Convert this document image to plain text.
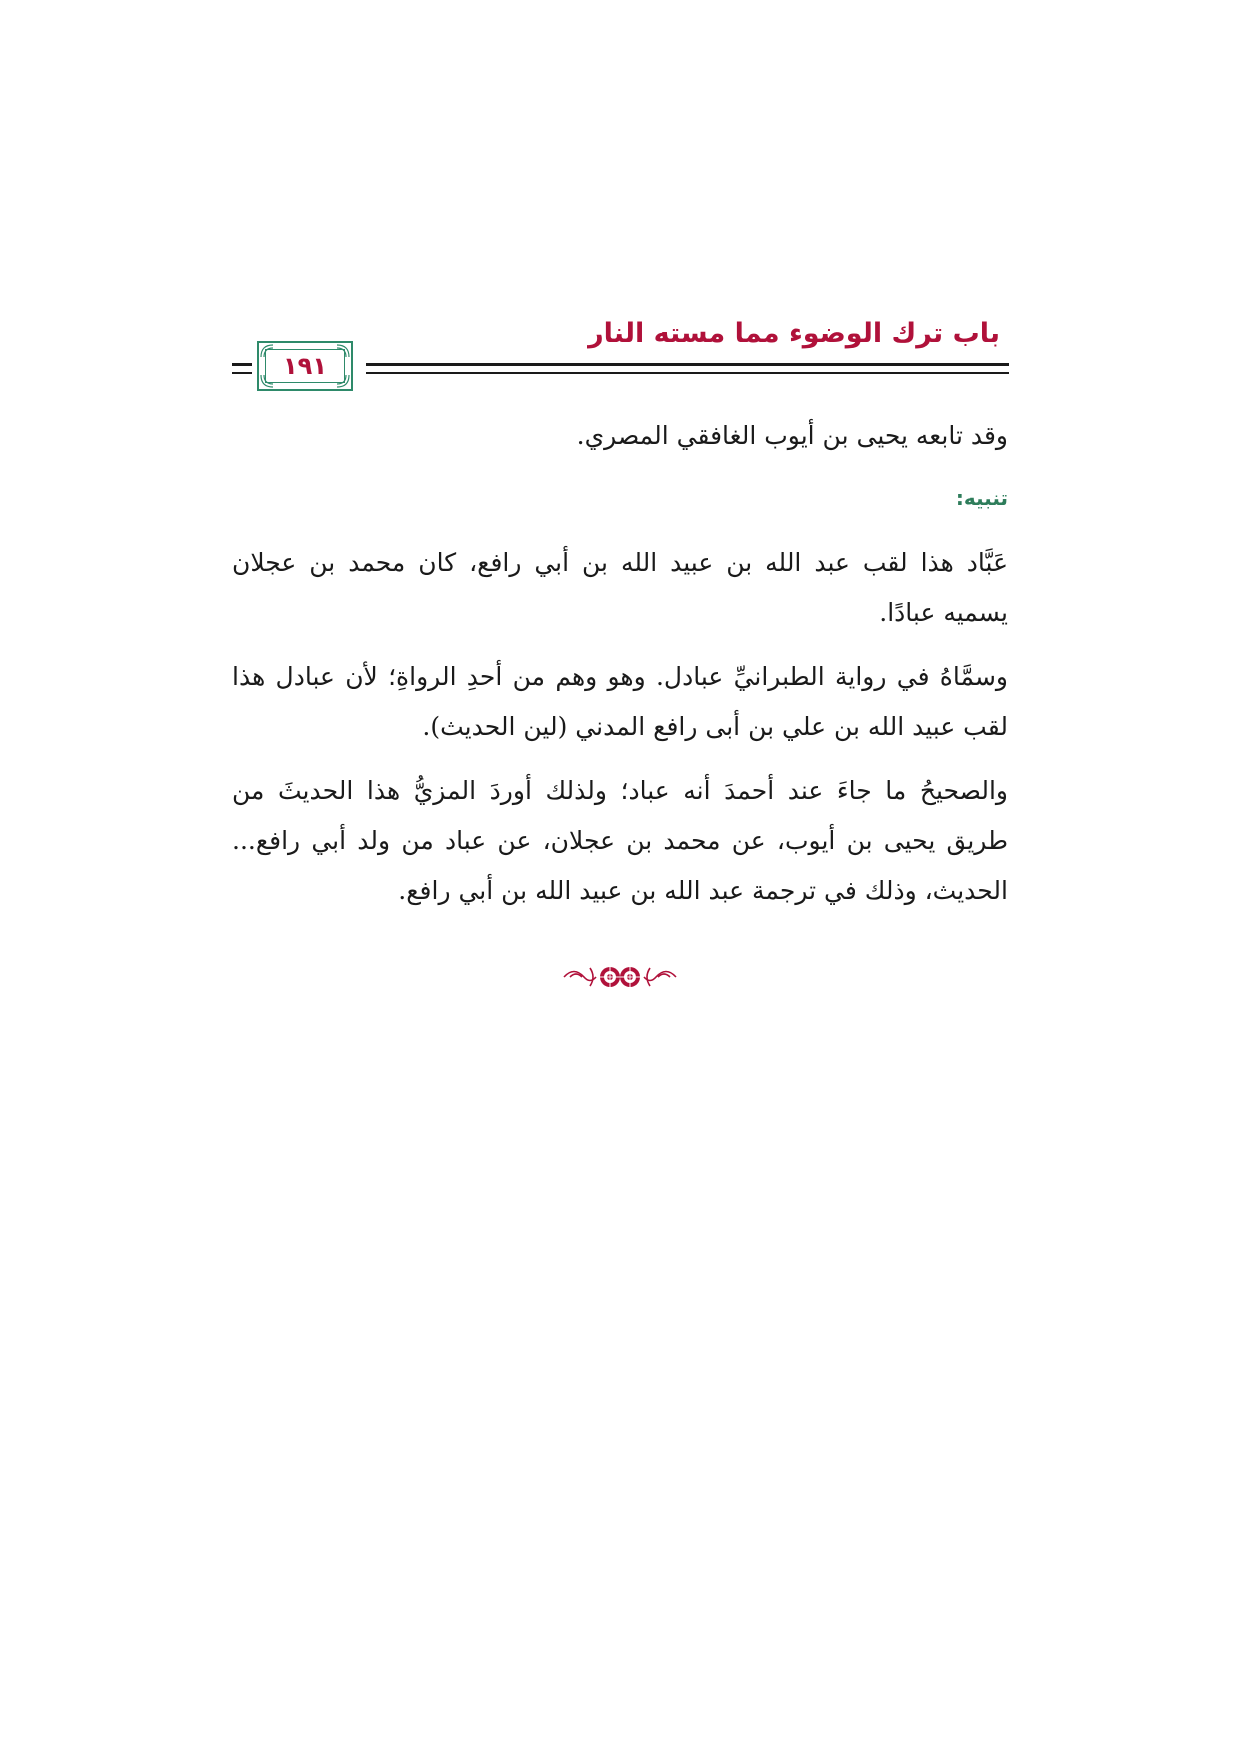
باب ترك الوضوء مما مسته النار
١٩١
وقد تابعه يحيى بن أيوب الغافقي المصري.
تنبيه:
عَبَّاد هذا لقب عبد الله بن عبيد الله بن أبي رافع، كان محمد بن عجلان يسميه عبادًا.
وسمَّاهُ في رواية الطبرانيِّ عبادل. وهو وهم من أحدِ الرواةِ؛ لأن عبادل هذا لقب عبيد الله بن علي بن أبى رافع المدني (لين الحديث).
والصحيحُ ما جاءَ عند أحمدَ أنه عباد؛ ولذلك أوردَ المزيُّ هذا الحديثَ من طريق يحيى بن أيوب، عن محمد بن عجلان، عن عباد من ولد أبي رافع... الحديث، وذلك في ترجمة عبد الله بن عبيد الله بن أبي رافع.
